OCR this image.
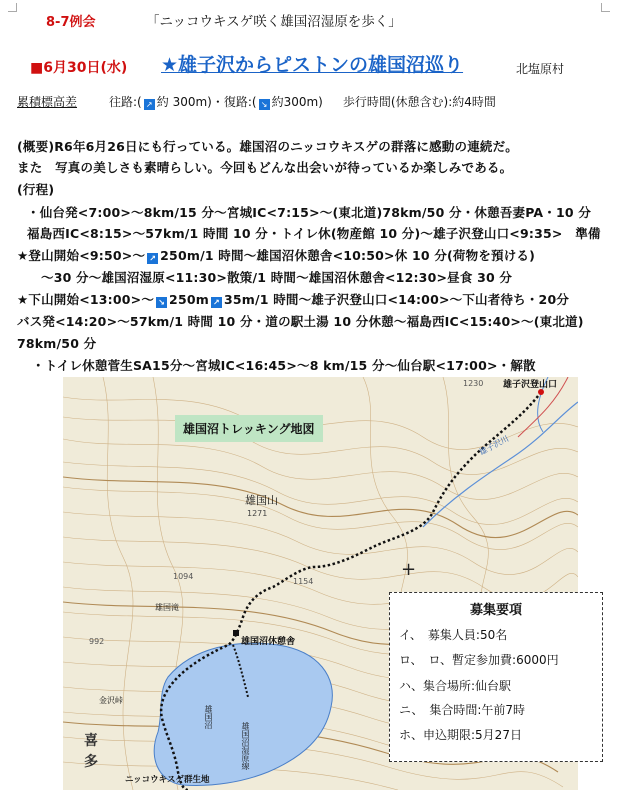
8-7例会	「ニッコウキスゲ咲く雄国沼湿原を歩く」
■6月30日(水) ★雄子沢からピストンの雄国沼巡り	北塩原村
累積標高差	往路:( ↗ 約 300m)・復路:( ↘ 約300m) 歩行時間(休憩含む):約4時間
(概要)R6年6月26日にも行っている。雄国沼のニッコウキスゲの群落に感動の連続だ。
また　写真の美しさも素晴らしい。今回もどんな出会いが待っているか楽しみである。
(行程)
・仙台発<7:00>～8km/15 分～宮城IC<7:15>～(東北道)78km/50 分・休憩吾妻PA・10 分
福島西IC<8:15>～57km/1 時間 10 分・トイレ休(物産館 10 分)～雄子沢登山口<9:35>　準備
★登山開始<9:50>～ ↗ 250m/1 時間～雄国沼休憩舎<10:50>休 10 分(荷物を預ける)
～30 分～雄国沼湿原<11:30>散策/1 時間～雄国沼休憩舎<12:30>昼食 30 分
★下山開始<13:00>～ ↘ 250m ↗ 35m/1 時間～雄子沢登山口<14:00>～下山者待ち・20分
バス発<14:20>～57km/1 時間 10 分・道の駅土湯 10 分休憩～福島西IC<15:40>～(東北道)
78km/50 分
・トイレ休憩菅生SA15分～宮城IC<16:45>～8 km/15 分～仙台駅<17:00>・解散
雄国沼トレッキング地図
雄国山
1271
雄子沢登山口
雄子沢川
1230
1154
1094
992
雄国滝
雄国沼休憩舎
雄国沼
雄国沼湿原線
金沢峠
喜
多
ニッコウキスゲ群生地
+
募集要項
イ、　募集人員:50名
ロ、　ロ、暫定参加費:6000円
ハ、集合場所:仙台駅
ニ、　集合時間:午前7時
ホ、申込期限:5月27日
